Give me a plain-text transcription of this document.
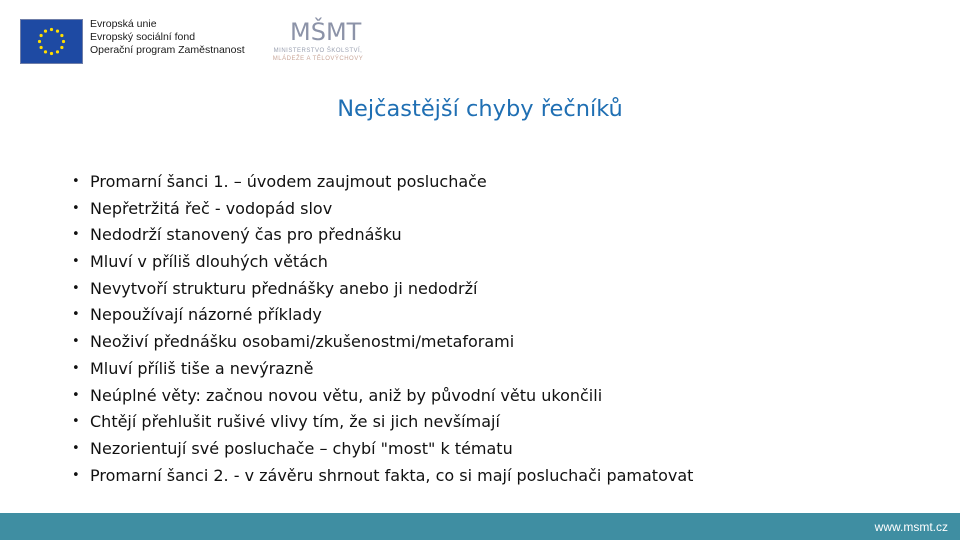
Evropská unie
Evropský sociální fond
Operační program Zaměstnanost
MŠMT
MINISTERSTVO ŠKOLSTVÍ,
MLÁDEŽE A TĚLOVÝCHOVY
Nejčastější chyby řečníků
• Promarní šanci 1. – úvodem zaujmout posluchače
• Nepřetržitá řeč - vodopád slov
• Nedodrží stanovený čas pro přednášku
• Mluví v příliš dlouhých větách
• Nevytvoří strukturu přednášky anebo ji nedodrží
• Nepoužívají názorné příklady
• Neoživí přednášku osobami/zkušenostmi/metaforami
• Mluví příliš tiše a nevýrazně
• Neúplné věty: začnou novou větu, aniž by původní větu ukončili
• Chtějí přehlušit rušivé vlivy tím, že si jich nevšímají
• Nezorientují své posluchače – chybí "most" k tématu
• Promarní šanci 2. - v závěru shrnout fakta, co si mají posluchači pamatovat
www.msmt.cz
